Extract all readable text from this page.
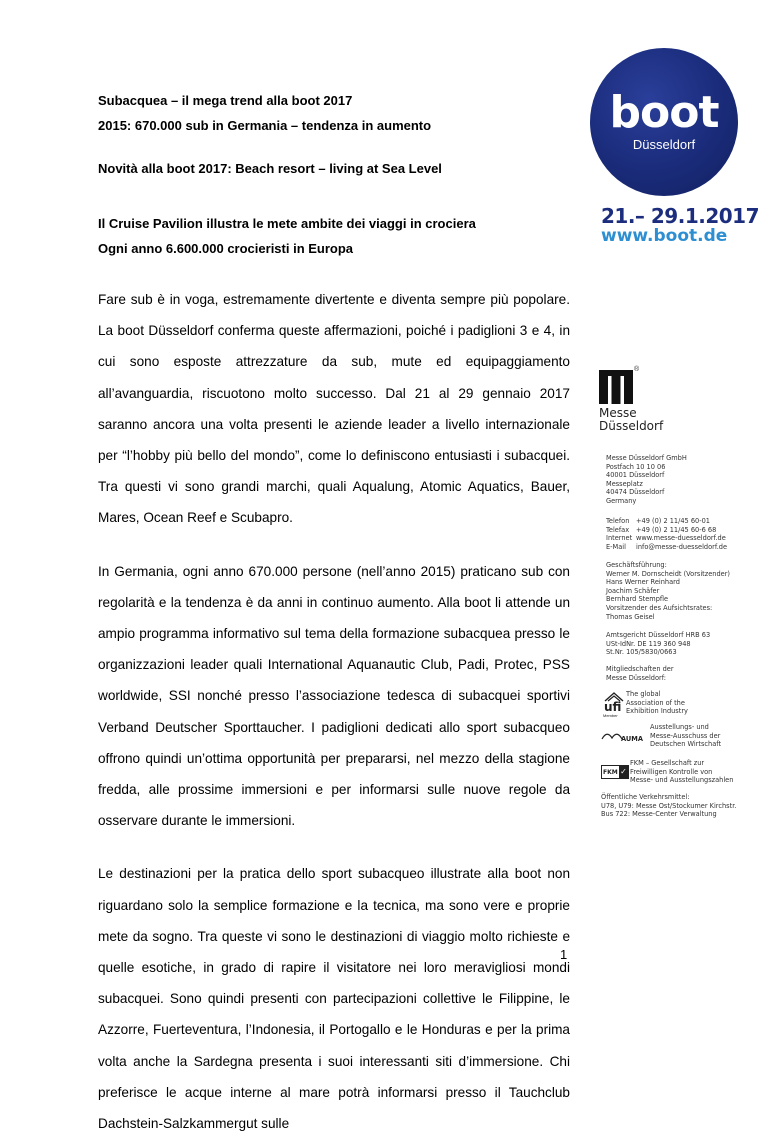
Subacquea – il mega trend alla boot 2017

2015: 670.000 sub in Germania – tendenza in aumento

Novità alla boot 2017: Beach resort – living at Sea Level

Il Cruise Pavilion illustra le mete ambite dei viaggi in crociera

Ogni anno 6.600.000 crocieristi in Europa

Fare sub è in voga, estremamente divertente e diventa sempre più popolare. La boot Düsseldorf conferma queste affermazioni, poiché i padiglioni 3 e 4, in cui sono esposte attrezzature da sub, mute ed equipaggiamento all’avanguardia, riscuotono molto successo. Dal 21 al 29 gennaio 2017 saranno ancora una volta presenti le aziende leader a livello internazionale per “l’hobby più bello del mondo”, come lo definiscono entusiasti i subacquei. Tra questi vi sono grandi marchi, quali Aqualung, Atomic Aquatics, Bauer, Mares, Ocean Reef e Scubapro.

In Germania, ogni anno 670.000 persone (nell’anno 2015) praticano sub con regolarità e la tendenza è da anni in continuo aumento. Alla boot li attende un ampio programma informativo sul tema della formazione subacquea presso le organizzazioni leader quali International Aquanautic Club, Padi, Protec, PSS worldwide, SSI nonché presso l’associazione tedesca di subacquei sportivi Verband Deutscher Sporttaucher. I padiglioni dedicati allo sport subacqueo offrono quindi un’ottima opportunità per prepararsi, nel mezzo della stagione fredda, alle prossime immersioni e per informarsi sulle nuove regole da osservare durante le immersioni.

Le destinazioni per la pratica dello sport subacqueo illustrate alla boot non riguardano solo la semplice formazione e la tecnica, ma sono vere e proprie mete da sogno. Tra queste vi sono le destinazioni di viaggio molto richieste e quelle esotiche, in grado di rapire il visitatore nei loro meravigliosi mondi subacquei. Sono quindi presenti con partecipazioni collettive le Filippine, le Azzorre, Fuerteventura, l’Indonesia, il Portogallo e le Honduras e per la prima volta anche la Sardegna presenta i suoi interessanti siti d’immersione. Chi preferisce le acque interne al mare potrà informarsi presso il Tauchclub Dachstein-Salzkammergut sulle

1
boot
Düsseldorf
21.– 29.1.2017
www.boot.de
®
Messe
Düsseldorf
Messe Düsseldorf GmbH
Postfach 10 10 06
40001 Düsseldorf
Messeplatz
40474 Düsseldorf
Germany
Telefon	+49 (0) 2 11/45 60-01
Telefax	+49 (0) 2 11/45 60-6 68
Internet www.messe-duesseldorf.de
E-Mail	info@messe-duesseldorf.de
Geschäftsführung:
Werner M. Dornscheidt (Vorsitzender)
Hans Werner Reinhard
Joachim Schäfer
Bernhard Stempfle
Vorsitzender des Aufsichtsrates:
Thomas Geisel
Amtsgericht Düsseldorf HRB 63
USt-IdNr. DE 119 360 948
St.Nr. 105/5830/0663
Mitgliedschaften der
Messe Düsseldorf:
ufi
Member
The global
Association of the
Exhibition Industry
AUMA
Ausstellungs- und
Messe-Ausschuss der
Deutschen Wirtschaft
FKM ✓
FKM – Gesellschaft zur
Freiwilligen Kontrolle von
Messe- und Ausstellungszahlen
Öffentliche Verkehrsmittel:
U78, U79: Messe Ost/Stockumer Kirchstr.
Bus 722: Messe-Center Verwaltung
